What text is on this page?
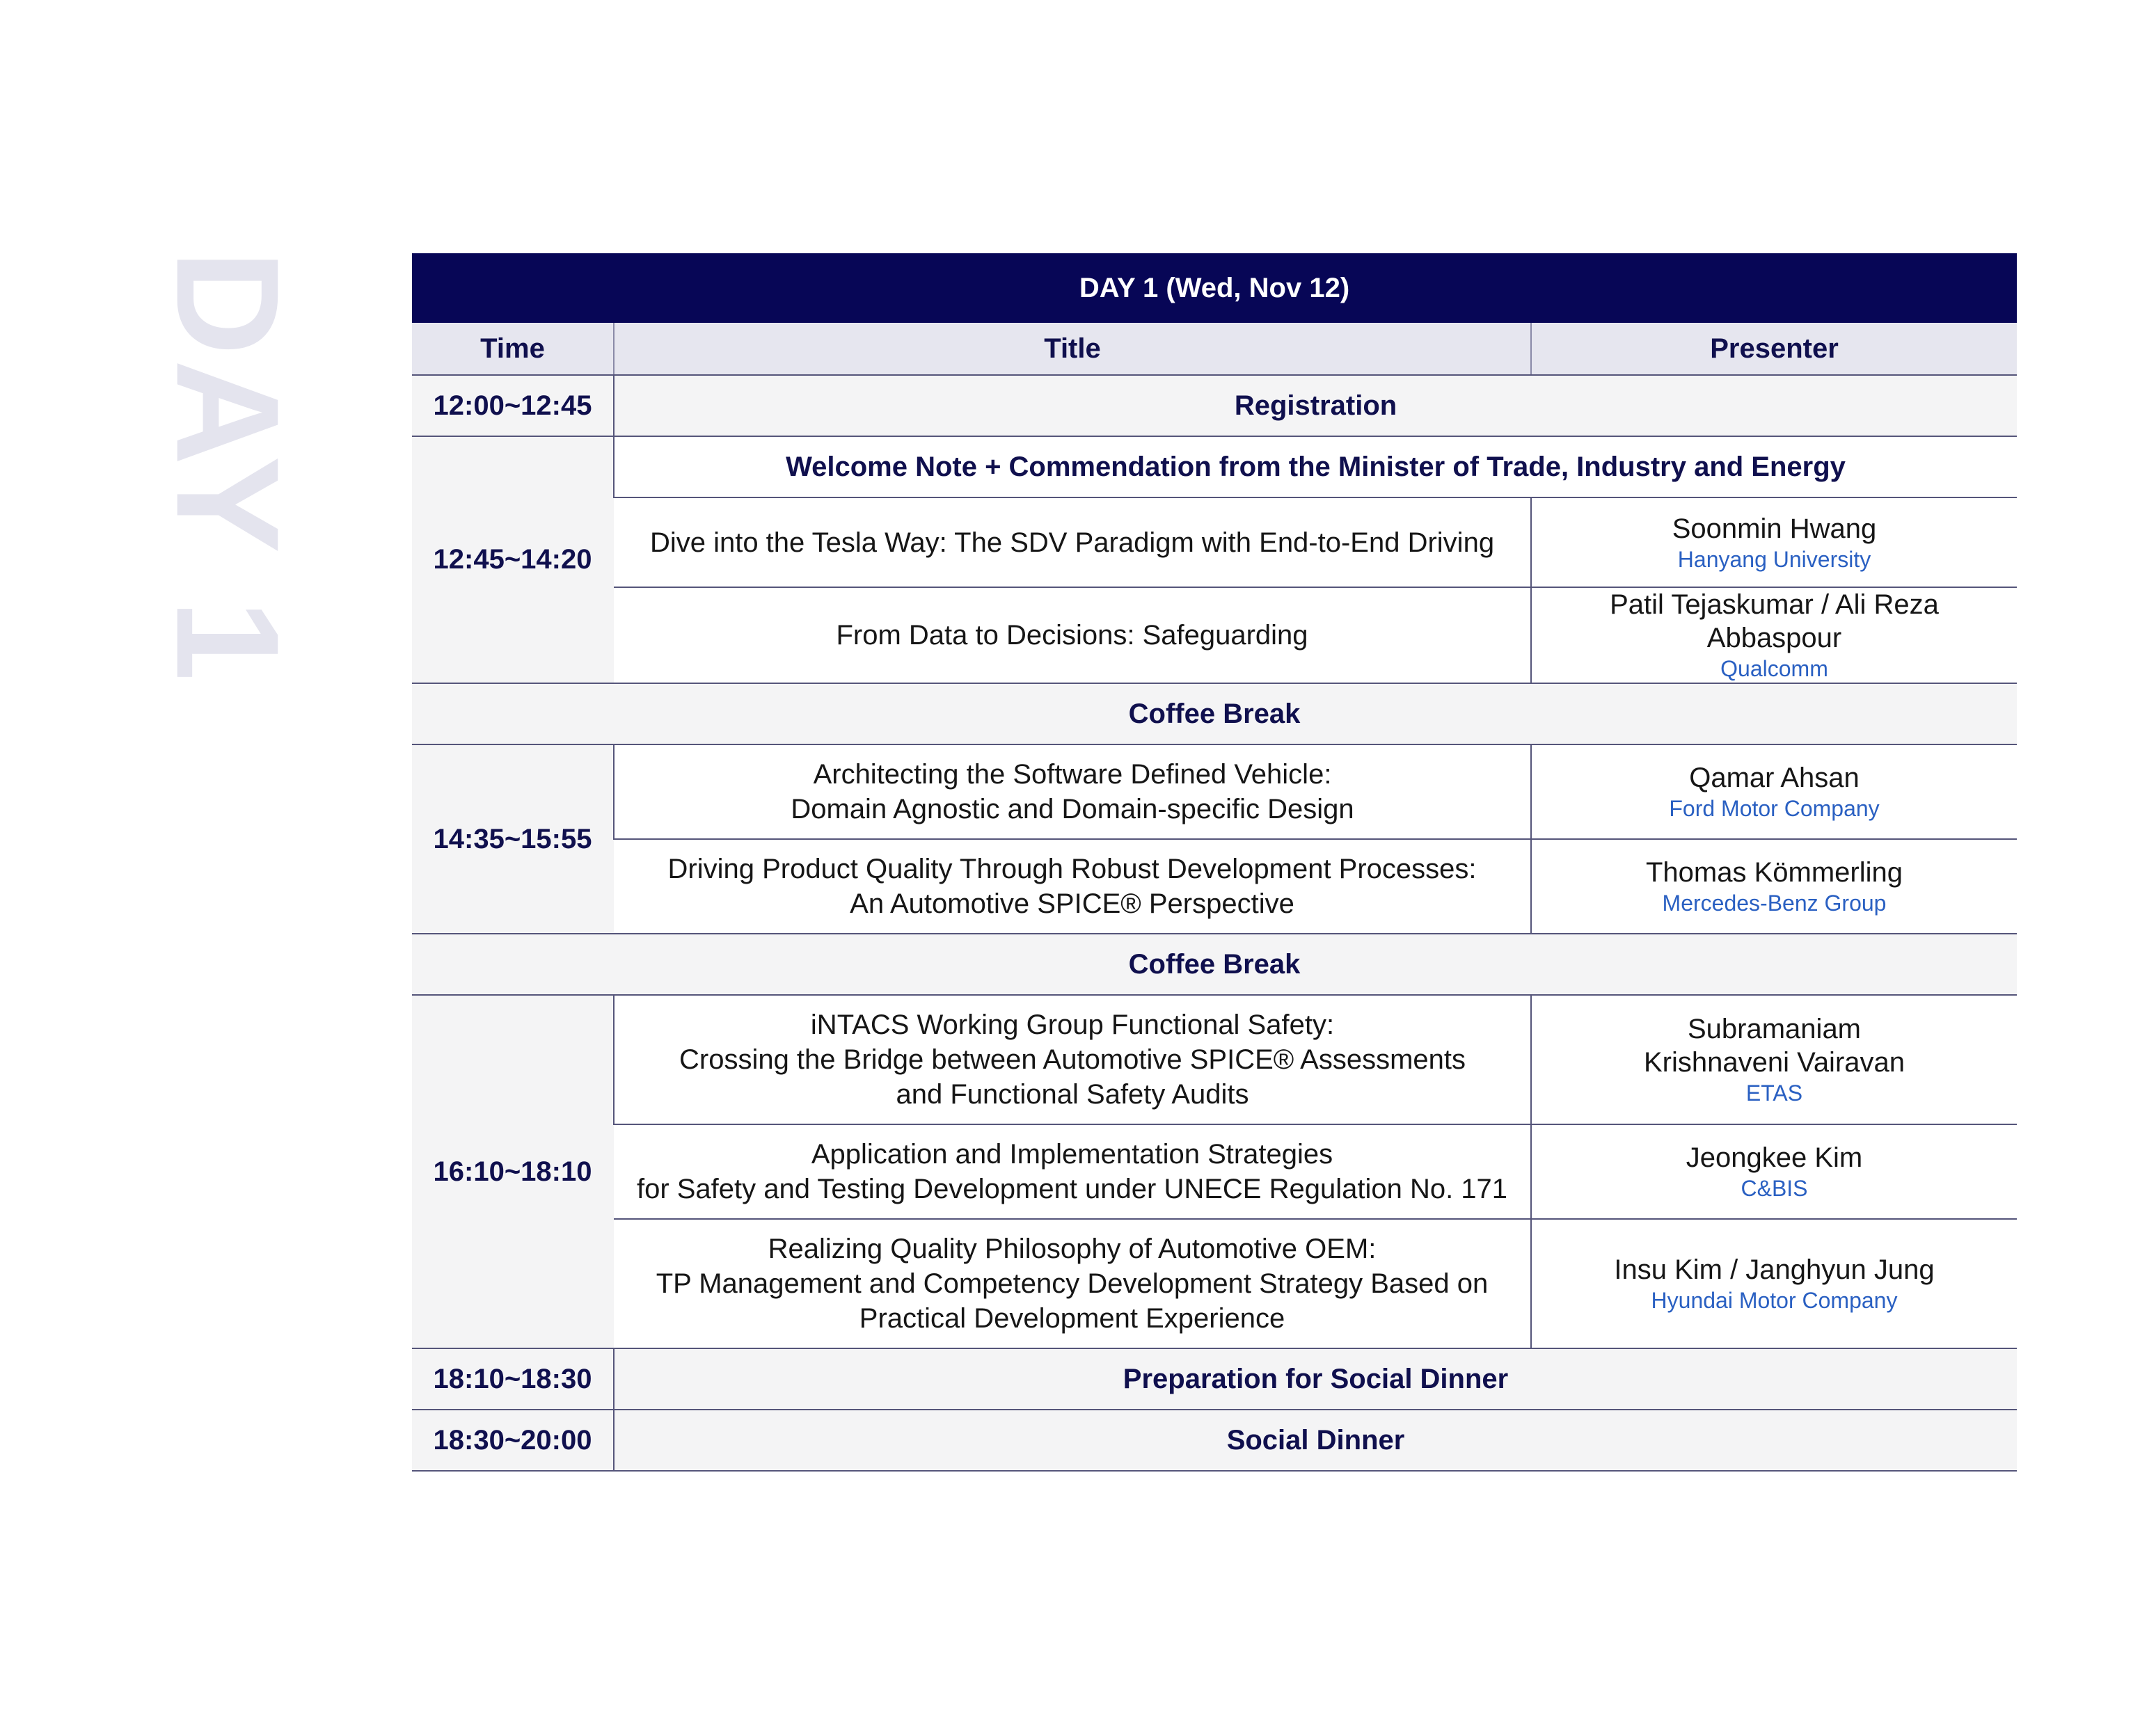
DAY 1	DAY 1 (Wed, Nov 12)		
Time	Title	Presenter
12:00~12:45	Registration	
12:45~14:20	Welcome Note + Commendation from the Minister of Trade, Industry and Energy	

	Dive into the Tesla Way: The SDV Paradigm with End-to-End Driving	Soonmin Hwang
Hanyang University

	From Data to Decisions: Safeguarding	Patil Tejaskumar / Ali Reza Abbaspour
Qualcomm

Coffee Break		
14:35~15:55	Architecting the Software Defined Vehicle:
Domain Agnostic and Domain-specific Design	Qamar Ahsan
Ford Motor Company

	Driving Product Quality Through Robust Development Processes:
An Automotive SPICE® Perspective	Thomas Kömmerling
Mercedes-Benz Group

Coffee Break		
16:10~18:10	iNTACS Working Group Functional Safety:
Crossing the Bridge between Automotive SPICE® Assessments
and Functional Safety Audits	Subramaniam
Krishnaveni Vairavan
ETAS

	Application and Implementation Strategies
for Safety and Testing Development under UNECE Regulation No. 171	Jeongkee Kim
C&BIS

	Realizing Quality Philosophy of Automotive OEM:
TP Management and Competency Development Strategy Based on
Practical Development Experience	Insu Kim / Janghyun Jung
Hyundai Motor Company

18:10~18:30	Preparation for Social Dinner	
18:30~20:00	Social Dinner	
